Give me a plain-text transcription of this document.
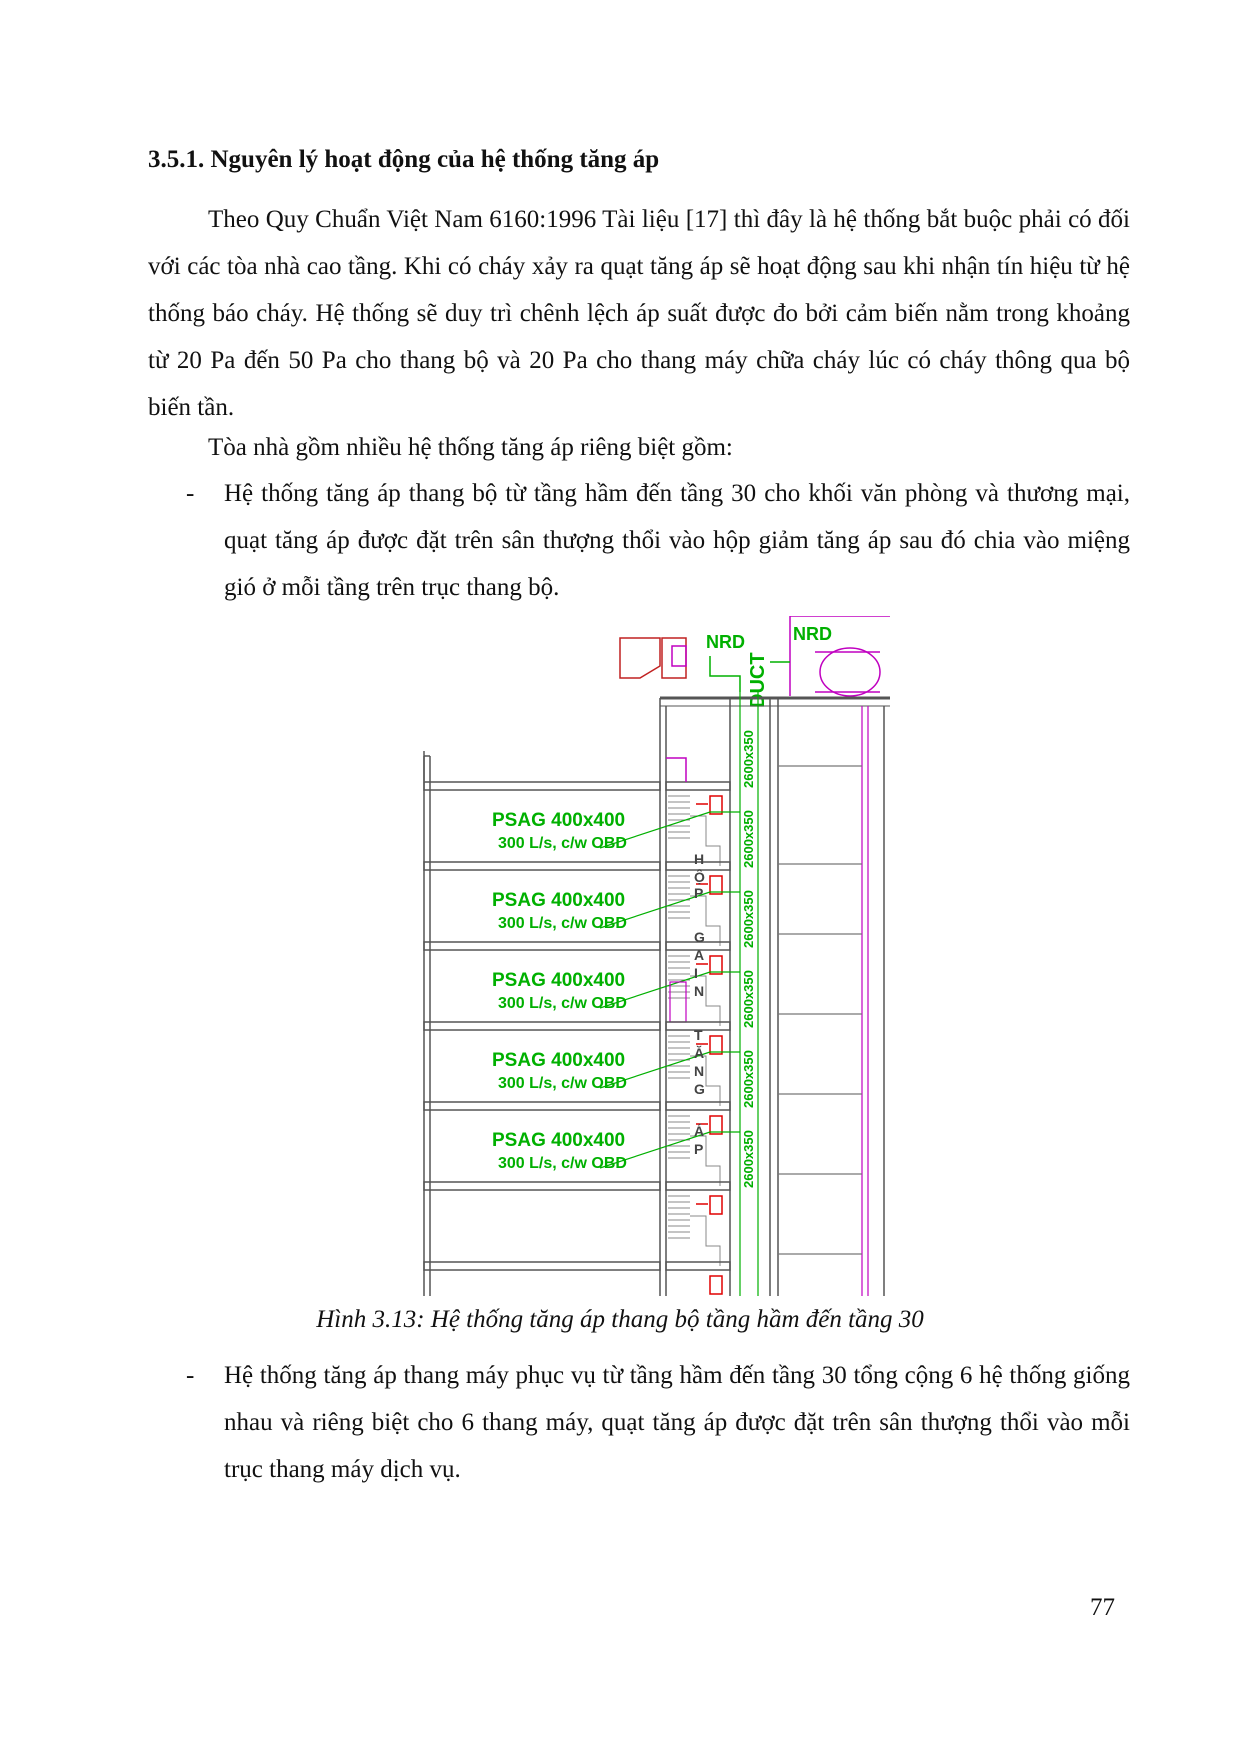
3.5.1. Nguyên lý hoạt động của hệ thống tăng áp

Theo Quy Chuẩn Việt Nam 6160:1996 Tài liệu [17] thì đây là hệ thống bắt buộc phải có đối với các tòa nhà cao tầng. Khi có cháy xảy ra quạt tăng áp sẽ hoạt động sau khi nhận tín hiệu từ hệ thống báo cháy. Hệ thống sẽ duy trì chênh lệch áp suất được đo bởi cảm biến nằm trong khoảng từ 20 Pa đến 50 Pa cho thang bộ và 20 Pa cho thang máy chữa cháy lúc có cháy thông qua bộ biến tần.

Tòa nhà gồm nhiều hệ thống tăng áp riêng biệt gồm:
- Hệ thống tăng áp thang bộ từ tầng hầm đến tầng 30 cho khối văn phòng và thương mại, quạt tăng áp được đặt trên sân thượng thổi vào hộp giảm tăng áp sau đó chia vào miệng gió ở mỗi tầng trên trục thang bộ.

NRD	NRD
DUCT
PSAG 400x400
300 L/s, c/w OBD
PSAG 400x400
300 L/s, c/w OBD
PSAG 400x400
300 L/s, c/w OBD
PSAG 400x400
300 L/s, c/w OBD
PSAG 400x400
300 L/s, c/w OBD
2600x350
2600x350
2600x350
2600x350
2600x350
2600x350
H
Ộ
P
G
A
I
N
T
Ă
N
G
Á
P
Hình 3.13: Hệ thống tăng áp thang bộ tầng hầm đến tầng 30
- Hệ thống tăng áp thang máy phục vụ từ tầng hầm đến tầng 30 tổng cộng 6 hệ thống giống nhau và riêng biệt cho 6 thang máy, quạt tăng áp được đặt trên sân thượng thổi vào mỗi trục thang máy dịch vụ.

77
